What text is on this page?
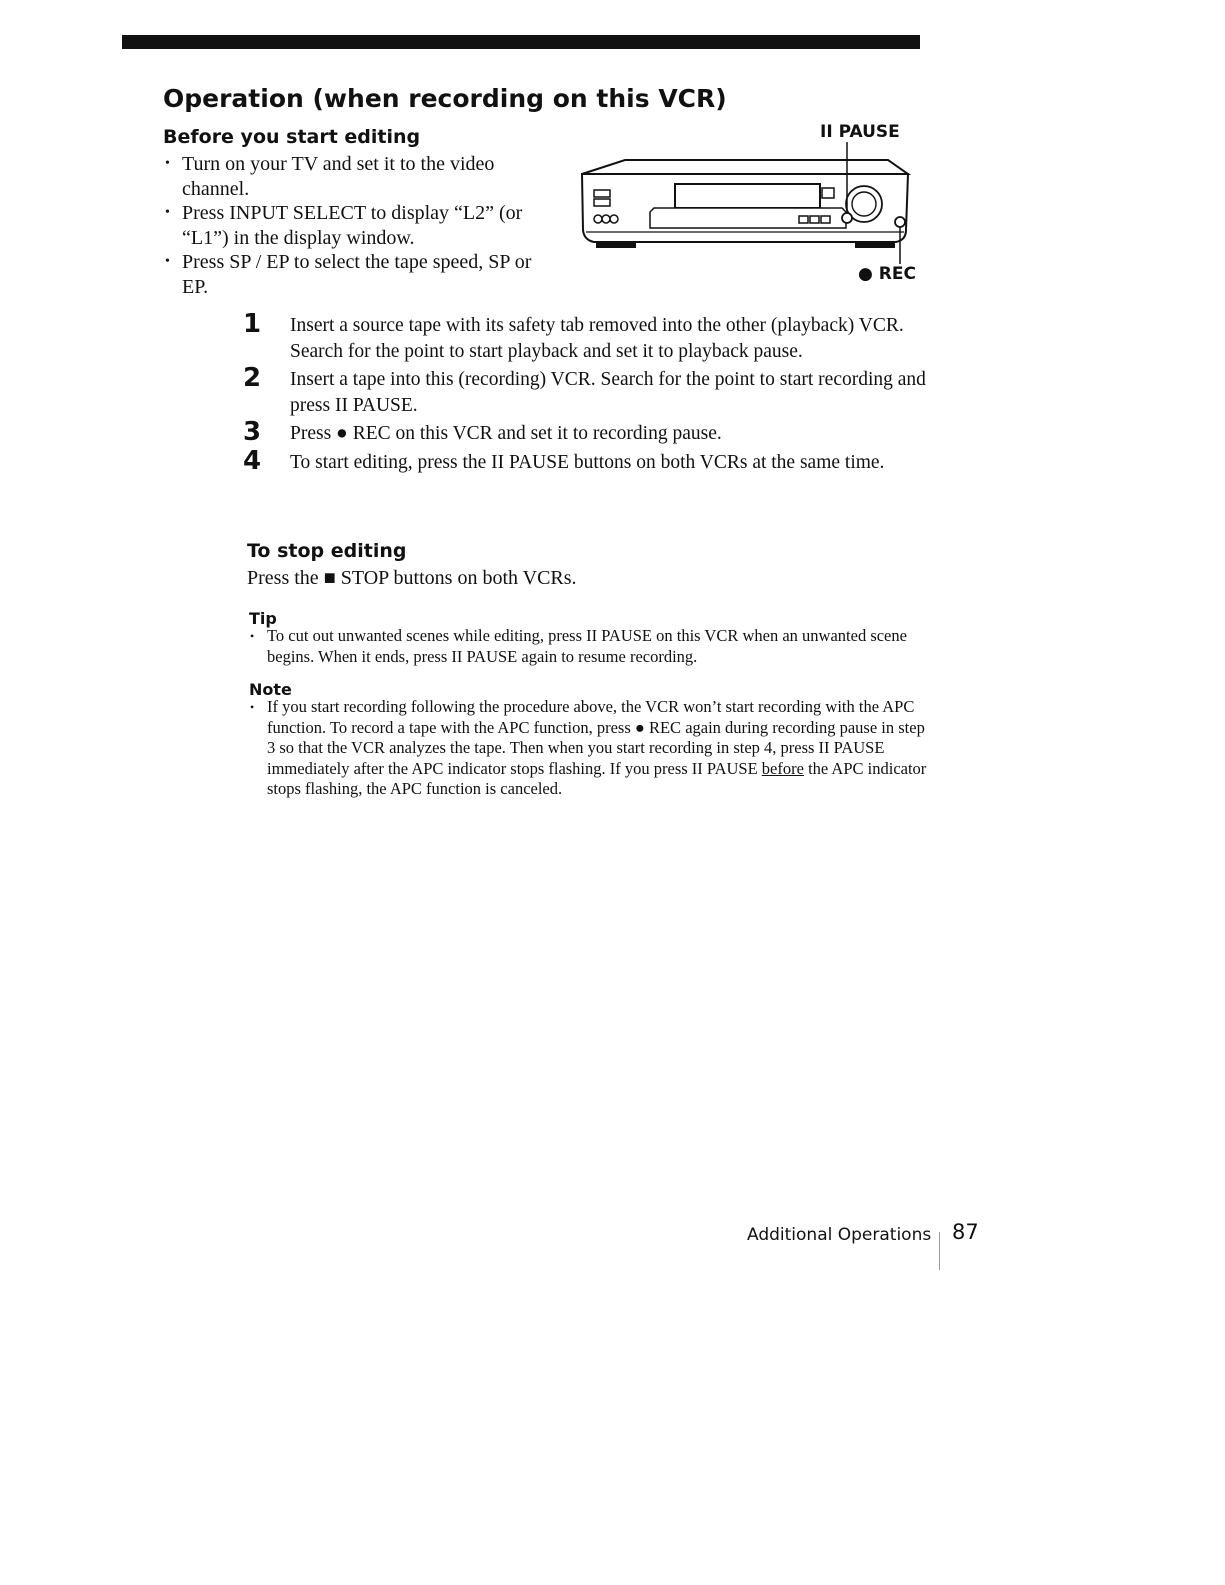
Operation (when recording on this VCR)
Before you start editing
• Turn on your TV and set it to the video channel.
• Press INPUT SELECT to display “L2” (or “L1”) in the display window.
• Press SP / EP to select the tape speed, SP or EP.
II PAUSE
● REC
1 Insert a source tape with its safety tab removed into the other (playback) VCR. Search for the point to start playback and set it to playback pause.
2 Insert a tape into this (recording) VCR. Search for the point to start recording and press II PAUSE.
3 Press ● REC on this VCR and set it to recording pause.
4 To start editing, press the II PAUSE buttons on both VCRs at the same time.
To stop editing

Press the ■ STOP buttons on both VCRs.

Tip
• To cut out unwanted scenes while editing, press II PAUSE on this VCR when an unwanted scene begins. When it ends, press II PAUSE again to resume recording.
Note
• If you start recording following the procedure above, the VCR won’t start recording with the APC function. To record a tape with the APC function, press ● REC again during recording pause in step 3 so that the VCR analyzes the tape. Then when you start recording in step 4, press II PAUSE immediately after the APC indicator stops flashing. If you press II PAUSE before the APC indicator stops flashing, the APC function is canceled.
Additional Operations 87
